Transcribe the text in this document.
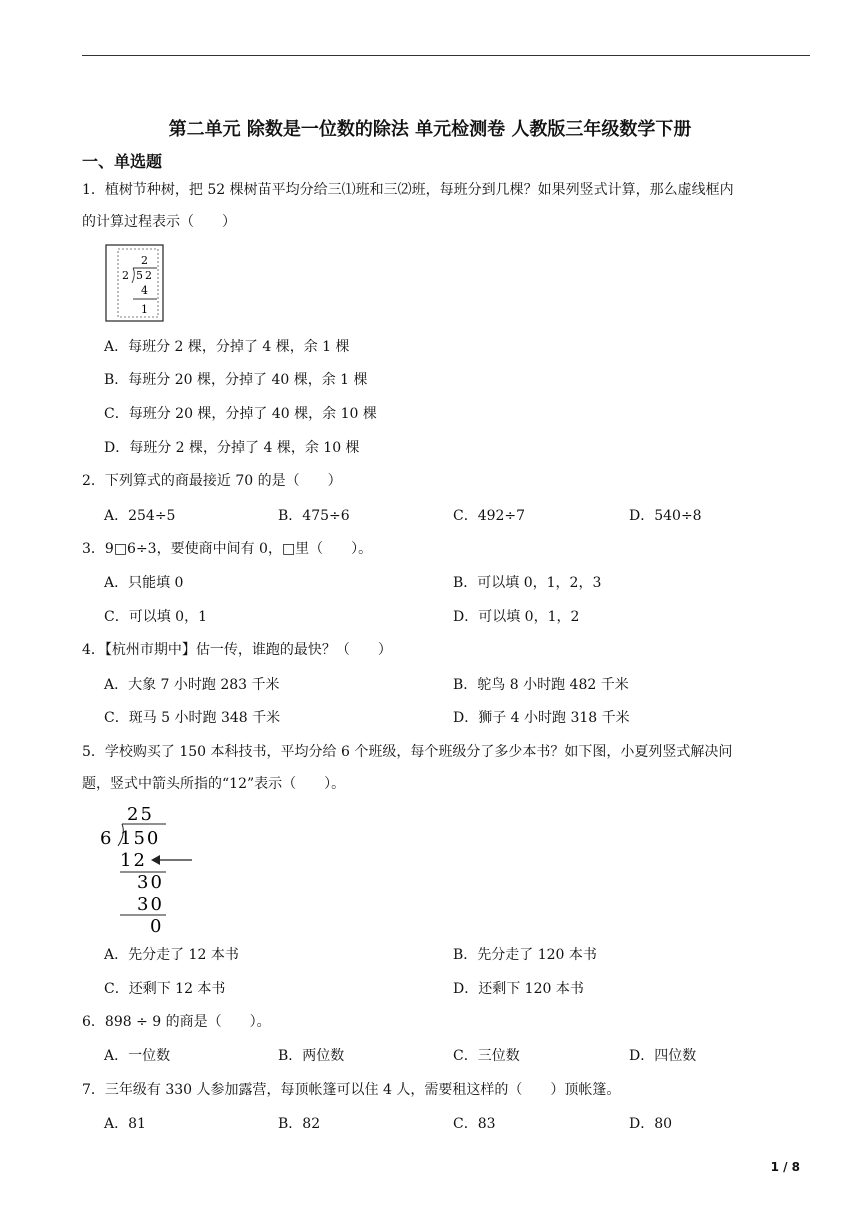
第二单元 除数是一位数的除法 单元检测卷 人教版三年级数学下册
一、单选题
1．植树节种树，把 52 棵树苗平均分给三⑴班和三⑵班，每班分到几棵？如果列竖式计算，那么虚线框内
的计算过程表示（　　）
2
2 52
4
1
A．每班分 2 棵，分掉了 4 棵，余 1 棵
B．每班分 20 棵，分掉了 40 棵，余 1 棵
C．每班分 20 棵，分掉了 40 棵，余 10 棵
D．每班分 2 棵，分掉了 4 棵，余 10 棵
2．下列算式的商最接近 70 的是（　　）
A．254÷5	B．475÷6	C．492÷7	D．540÷8
3．9□6÷3，要使商中间有 0，□里（　　）。
A．只能填 0	B．可以填 0，1，2，3
C．可以填 0，1	D．可以填 0，1，2
4．【杭州市期中】估一传，谁跑的最快？（　　）
A．大象 7 小时跑 283 千米	B．鸵鸟 8 小时跑 482 千米
C．斑马 5 小时跑 348 千米	D．狮子 4 小时跑 318 千米
5．学校购买了 150 本科技书，平均分给 6 个班级，每个班级分了多少本书？如下图，小夏列竖式解决问
题，竖式中箭头所指的“12”表示（　　）。
25
6 150
12
30
30
0
A．先分走了 12 本书	B．先分走了 120 本书
C．还剩下 12 本书	D．还剩下 120 本书
6．898 ÷ 9 的商是（　　）。
A．一位数	B．两位数	C．三位数	D．四位数
7．三年级有 330 人参加露营，每顶帐篷可以住 4 人，需要租这样的（　　）顶帐篷。
A．81	B．82	C．83	D．80
1 / 8
